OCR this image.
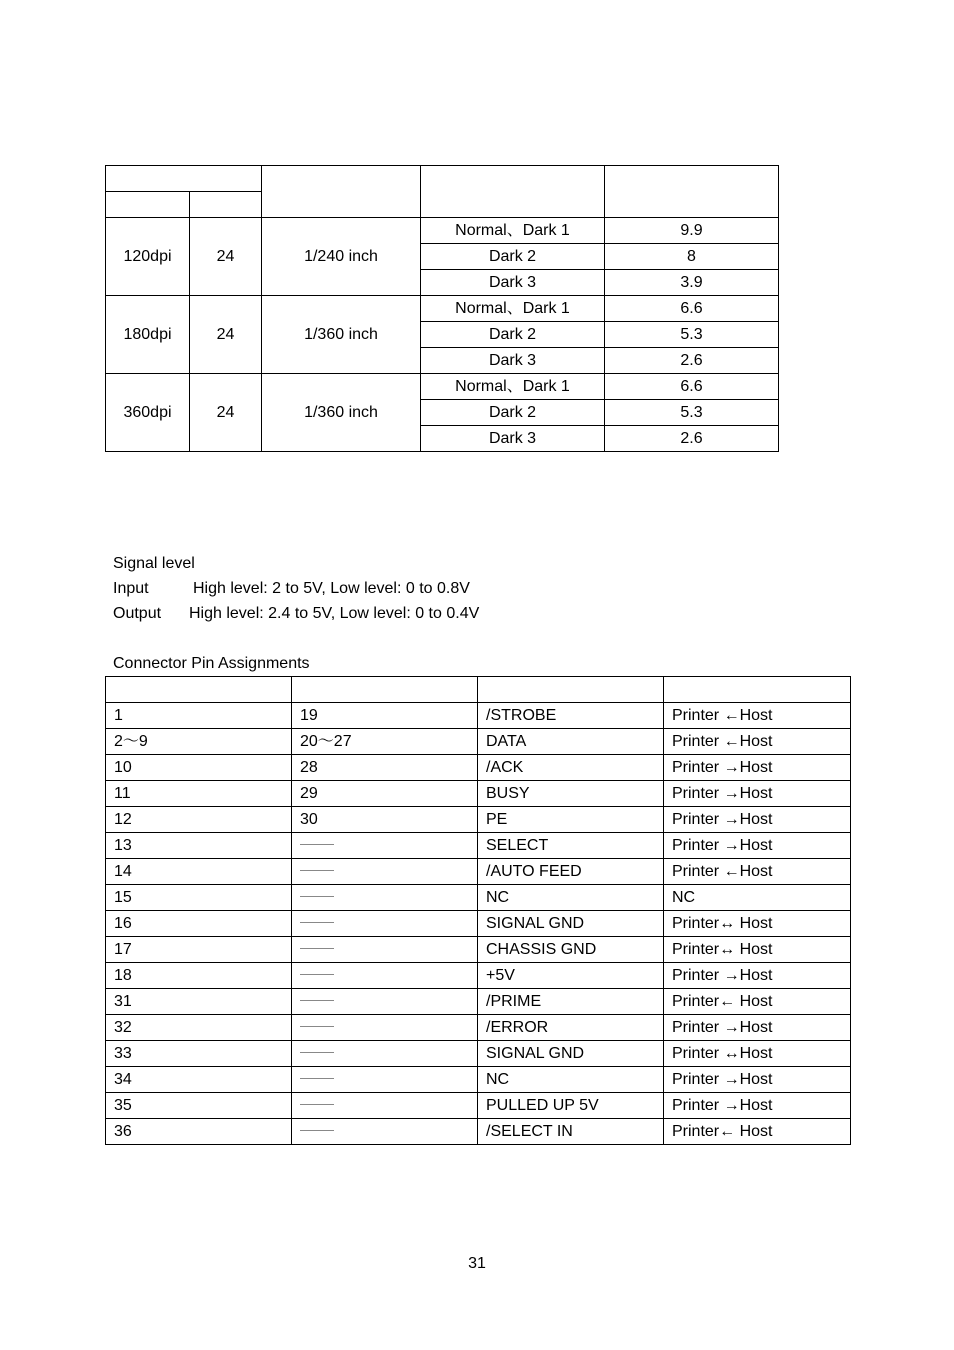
120dpi	24	1/240 inch	Normal、Dark 1	9.9
			Dark 2	8
			Dark 3	3.9
180dpi	24	1/360 inch	Normal、Dark 1	6.6
			Dark 2	5.3
			Dark 3	2.6
360dpi	24	1/360 inch	Normal、Dark 1	6.6
			Dark 2	5.3
			Dark 3	2.6
Signal level
Input	High level: 2 to 5V, Low level: 0 to 0.8V
Output High level: 2.4 to 5V, Low level: 0 to 0.4V
Connector Pin Assignments

1	19	/STROBE	Printer ←Host
2～9	20～27	DATA	Printer ←Host
10	28	/ACK	Printer →Host
11	29	BUSY	Printer →Host
12	30	PE	Printer →Host
13		SELECT	Printer →Host
14		/AUTO FEED	Printer ←Host
15		NC	NC
16		SIGNAL GND	Printer↔ Host
17		CHASSIS GND	Printer↔ Host
18		+5V	Printer →Host
31		/PRIME	Printer← Host
32		/ERROR	Printer →Host
33		SIGNAL GND	Printer ↔Host
34		NC	Printer →Host
35		PULLED UP 5V	Printer →Host
36		/SELECT IN	Printer← Host
31
